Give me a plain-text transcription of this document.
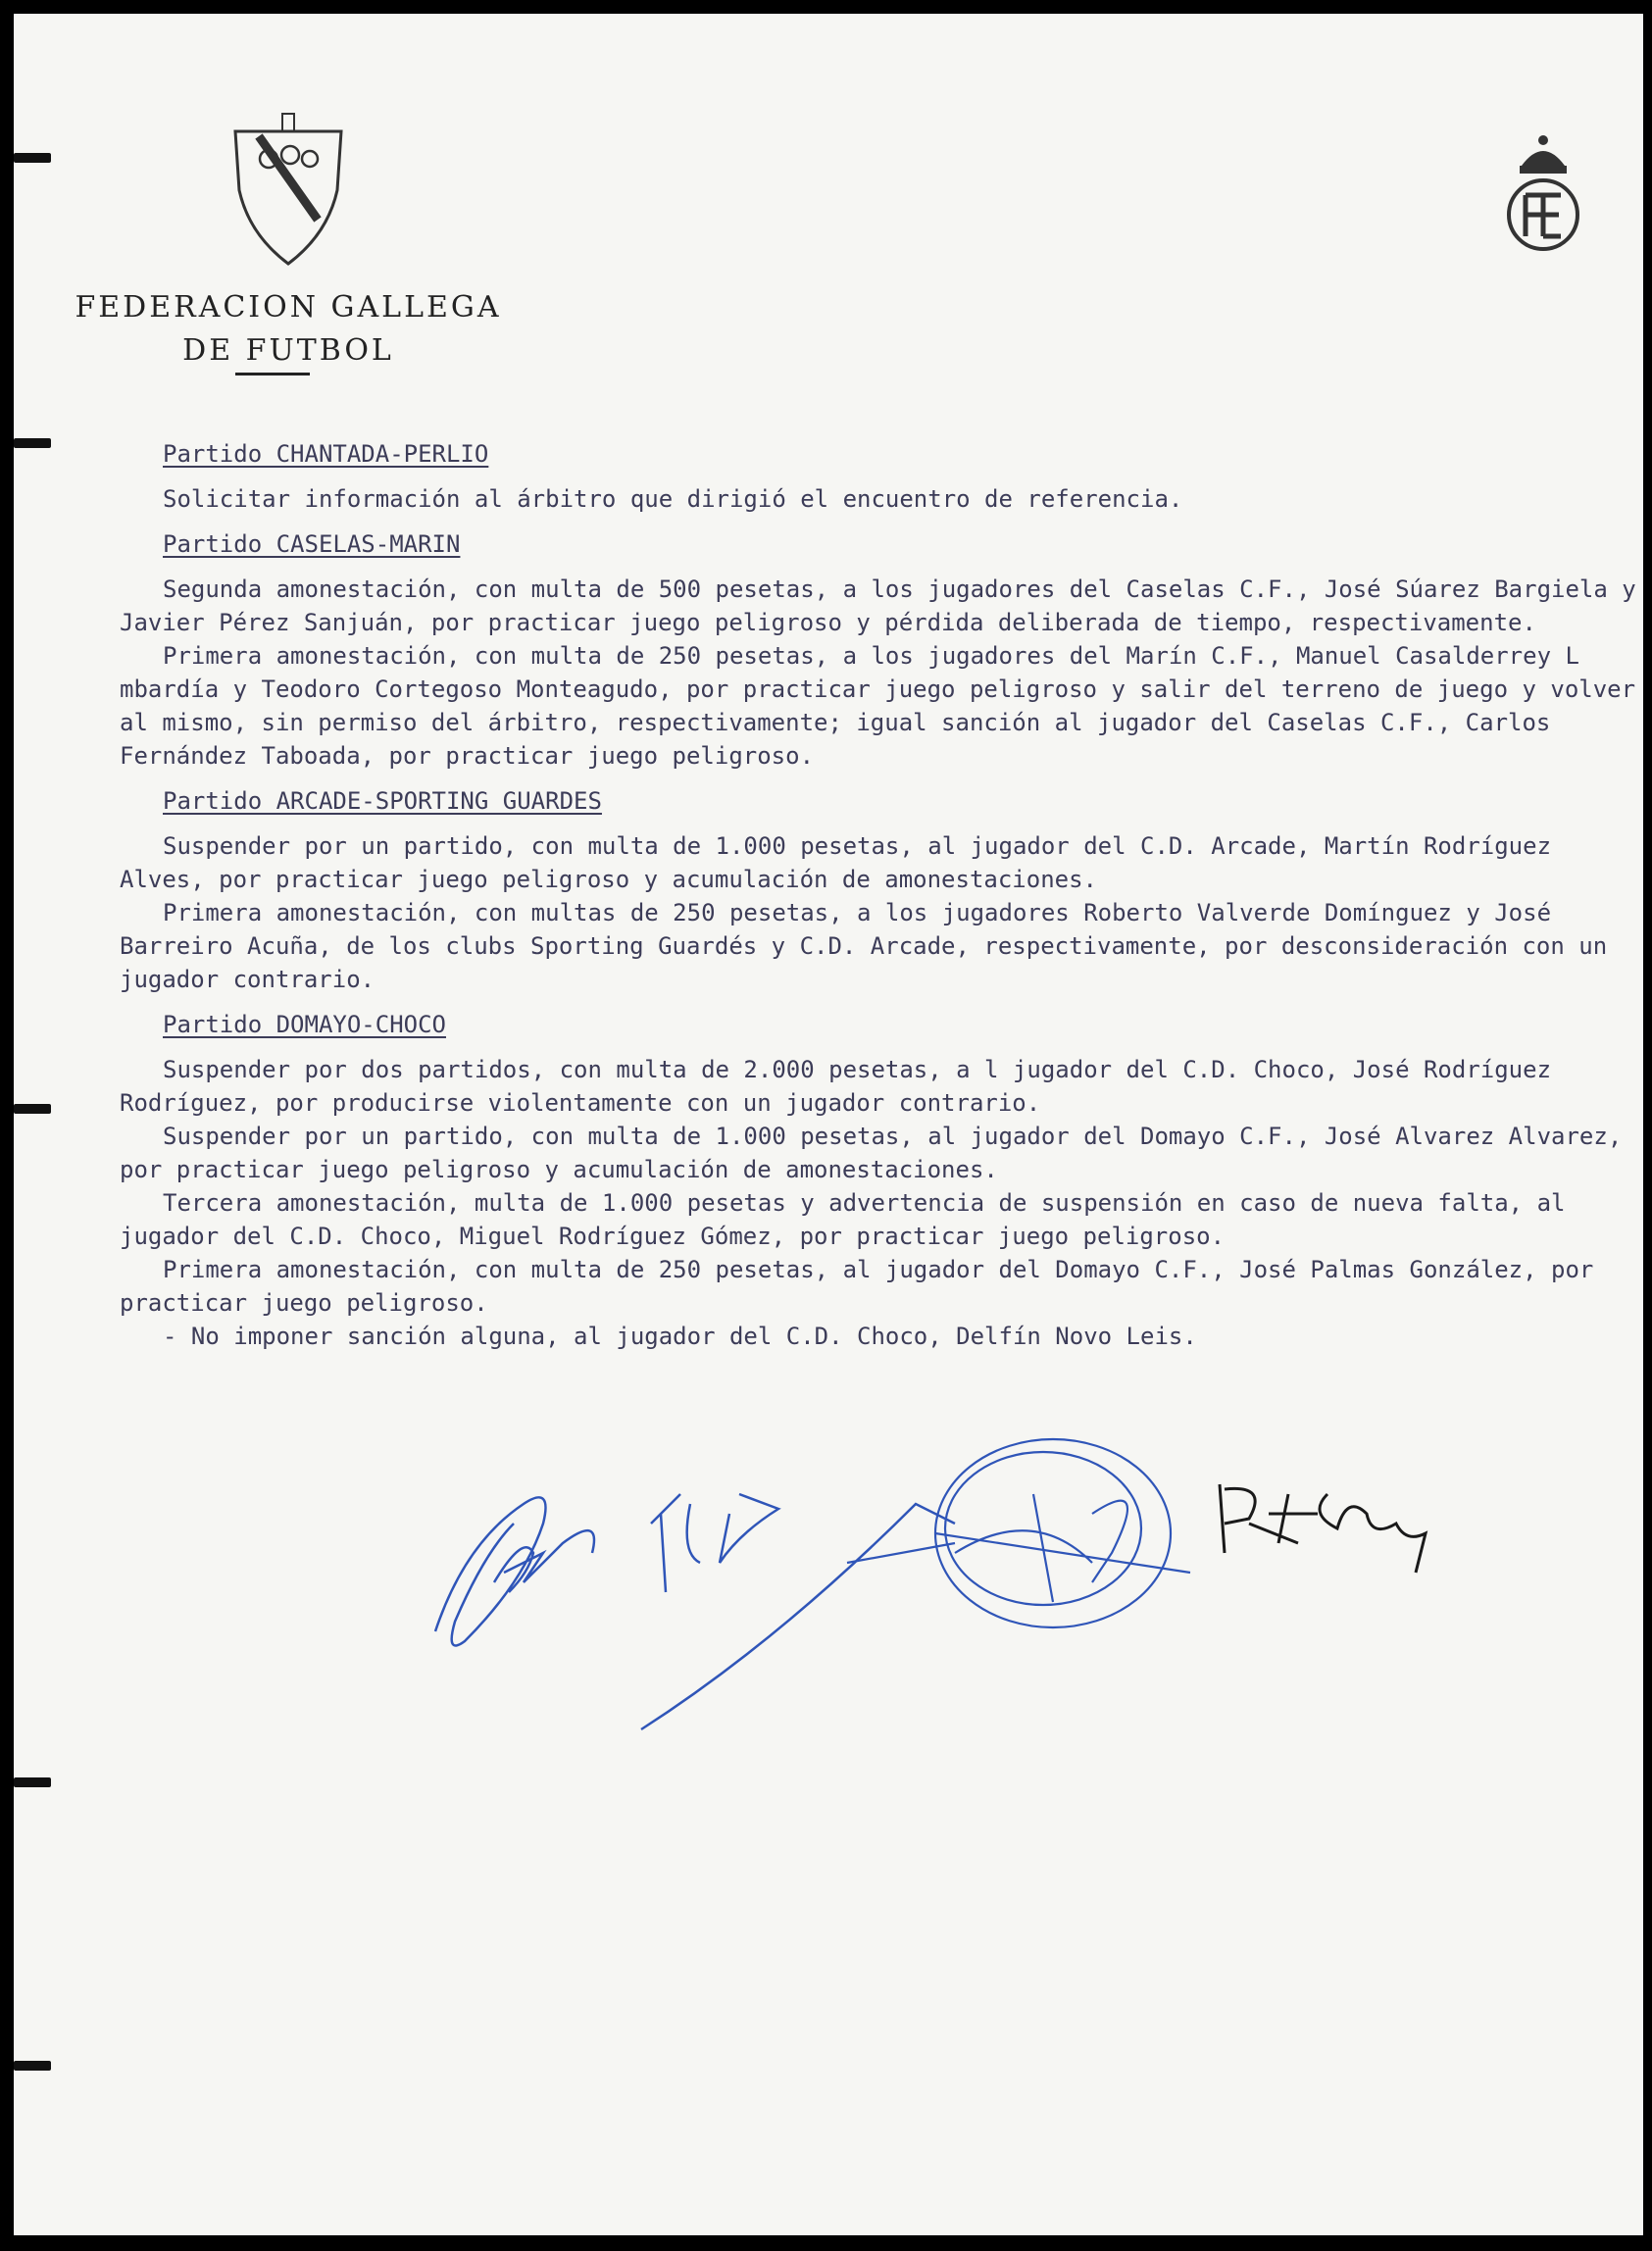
FEDERACION GALLEGA
DE FUTBOL
Partido CHANTADA-PERLIO
Solicitar información al árbitro que dirigió el encuentro de referencia.
Partido CASELAS-MARIN
Segunda amonestación, con multa de 500 pesetas, a los jugadores del Caselas C.F., José Súarez Bargiela y Javier Pérez Sanjuán, por practicar juego peligroso y pérdida deliberada de tiempo, respectivamente.
Primera amonestación, con multa de 250 pesetas, a los jugadores del Marín C.F., Manuel Casalderrey L mbardía y Teodoro Cortegoso Monteagudo, por practicar juego peligroso y salir del terreno de juego y volver al mismo, sin permiso del árbitro, respectivamente; igual sanción al jugador del Caselas C.F., Carlos Fernández Taboada, por practicar juego peligroso.
Partido ARCADE-SPORTING GUARDES
Suspender por un partido, con multa de 1.000 pesetas, al jugador del C.D. Arcade, Martín Rodríguez Alves, por practicar juego peligroso y acumulación de amonestaciones.
Primera amonestación, con multas de 250 pesetas, a los jugadores Roberto Valverde Domínguez y José Barreiro Acuña, de los clubs Sporting Guardés y C.D. Arcade, respectivamente, por desconsideración con un jugador contrario.
Partido DOMAYO-CHOCO
Suspender por dos partidos, con multa de 2.000 pesetas, a l jugador del C.D. Choco, José Rodríguez Rodríguez, por producirse violentamente con un jugador contrario.
Suspender por un partido, con multa de 1.000 pesetas, al jugador del Domayo C.F., José Alvarez Alvarez, por practicar juego peligroso y acumulación de amonestaciones.
Tercera amonestación, multa de 1.000 pesetas y advertencia de suspensión en caso de nueva falta, al jugador del C.D. Choco, Miguel Rodríguez Gómez, por practicar juego peligroso.
Primera amonestación, con multa de 250 pesetas, al jugador del Domayo C.F., José Palmas González, por practicar juego peligroso.
- No imponer sanción alguna, al jugador del C.D. Choco, Delfín Novo Leis.
